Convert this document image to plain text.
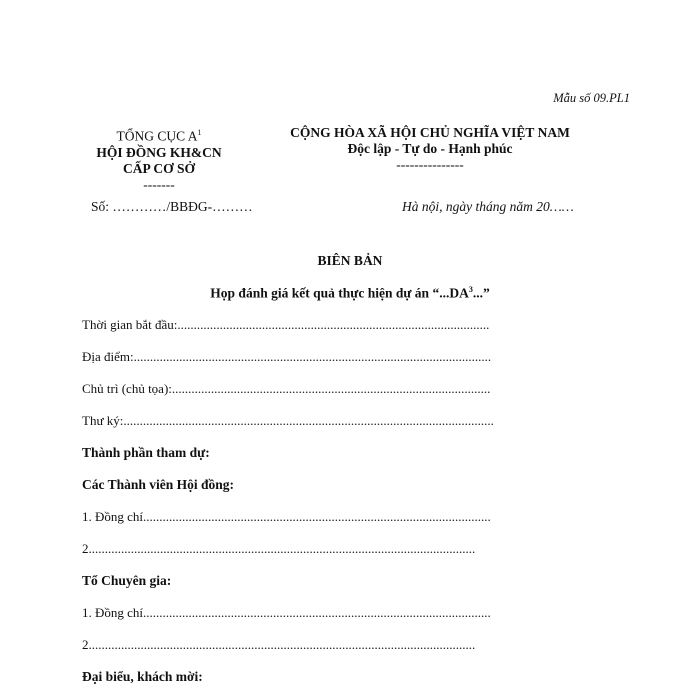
Mẫu số 09.PL1
TỔNG CỤC $A^1$
HỘI ĐỒNG KH&CN CẤP CƠ SỞ
-------
CỘNG HÒA XÃ HỘI CHỦ NGHĨA VIỆT NAM
Độc lập - Tự do - Hạnh phúc
---------------
Số: …………/BBĐG-………	Hà nội, ngày tháng năm 20……
BIÊN BẢN
Họp đánh giá kết quả thực hiện dự án “$...DA^3$...”
Thời gian bắt đầu:................................................................................................
Địa điểm:..............................................................................................................
Chủ trì (chủ tọa):..................................................................................................
Thư ký:..................................................................................................................
Thành phần tham dự:
Các Thành viên Hội đồng:
1. Đồng chí...........................................................................................................
2.......................................................................................................................
Tổ Chuyên gia:
1. Đồng chí...........................................................................................................
2.......................................................................................................................
Đại biểu, khách mời:
